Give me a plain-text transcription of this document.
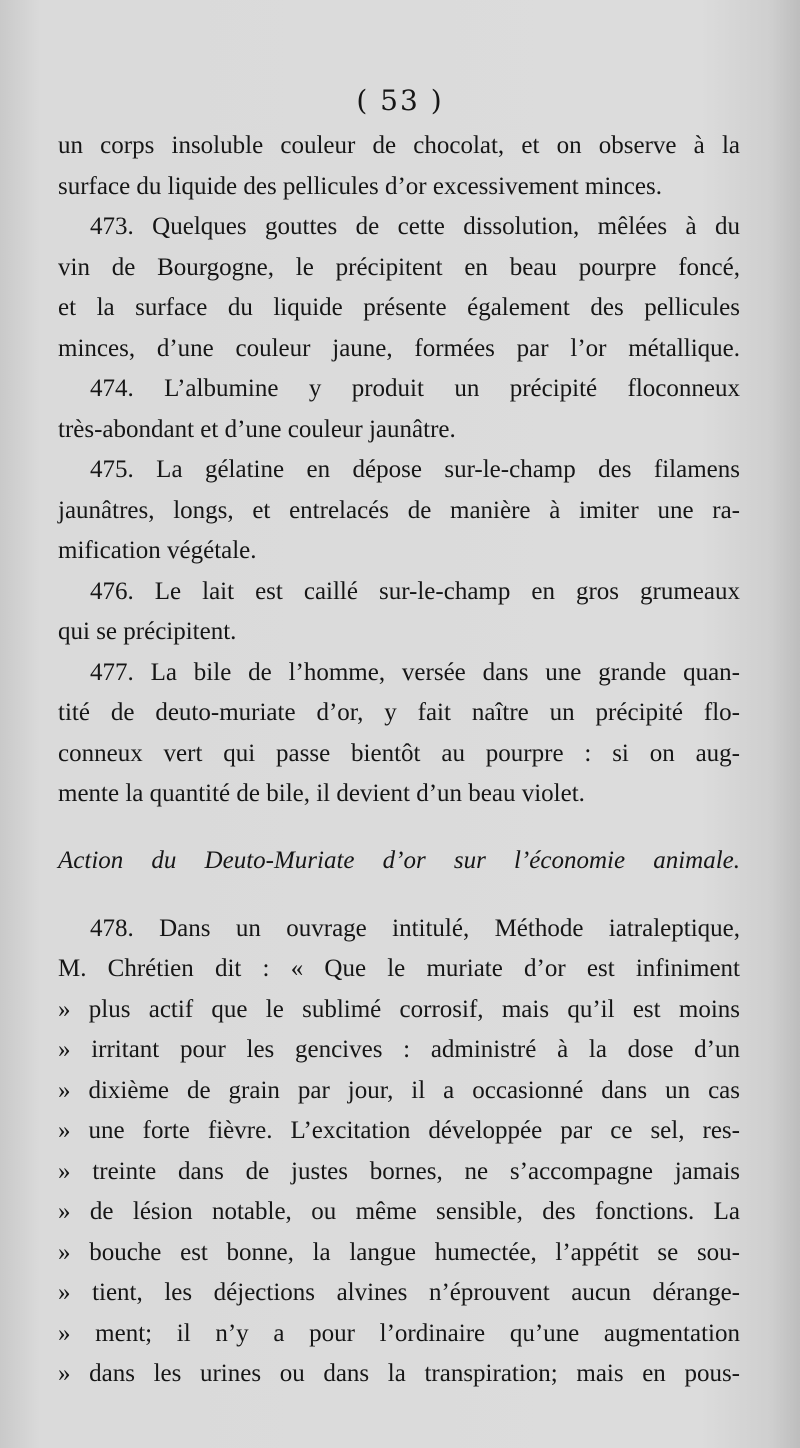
( 53 )
un corps insoluble couleur de chocolat, et on observe à la
surface du liquide des pellicules d’or excessivement minces.
473. Quelques gouttes de cette dissolution, mêlées à du
vin de Bourgogne, le précipitent en beau pourpre foncé,
et la surface du liquide présente également des pellicules
minces, d’une couleur jaune, formées par l’or métallique.
474. L’albumine y produit un précipité floconneux
très-abondant et d’une couleur jaunâtre.
475. La gélatine en dépose sur-le-champ des filamens
jaunâtres, longs, et entrelacés de manière à imiter une ra-
mification végétale.
476. Le lait est caillé sur-le-champ en gros grumeaux
qui se précipitent.
477. La bile de l’homme, versée dans une grande quan-
tité de deuto-muriate d’or, y fait naître un précipité flo-
conneux vert qui passe bientôt au pourpre : si on aug-
mente la quantité de bile, il devient d’un beau violet.
Action du Deuto-Muriate d’or sur l’économie animale.
478. Dans un ouvrage intitulé, Méthode iatraleptique,
M. Chrétien dit : « Que le muriate d’or est infiniment
» plus actif que le sublimé corrosif, mais qu’il est moins
» irritant pour les gencives : administré à la dose d’un
» dixième de grain par jour, il a occasionné dans un cas
» une forte fièvre. L’excitation développée par ce sel, res-
» treinte dans de justes bornes, ne s’accompagne jamais
» de lésion notable, ou même sensible, des fonctions. La
» bouche est bonne, la langue humectée, l’appétit se sou-
» tient, les déjections alvines n’éprouvent aucun dérange-
» ment; il n’y a pour l’ordinaire qu’une augmentation
» dans les urines ou dans la transpiration; mais en pous-
